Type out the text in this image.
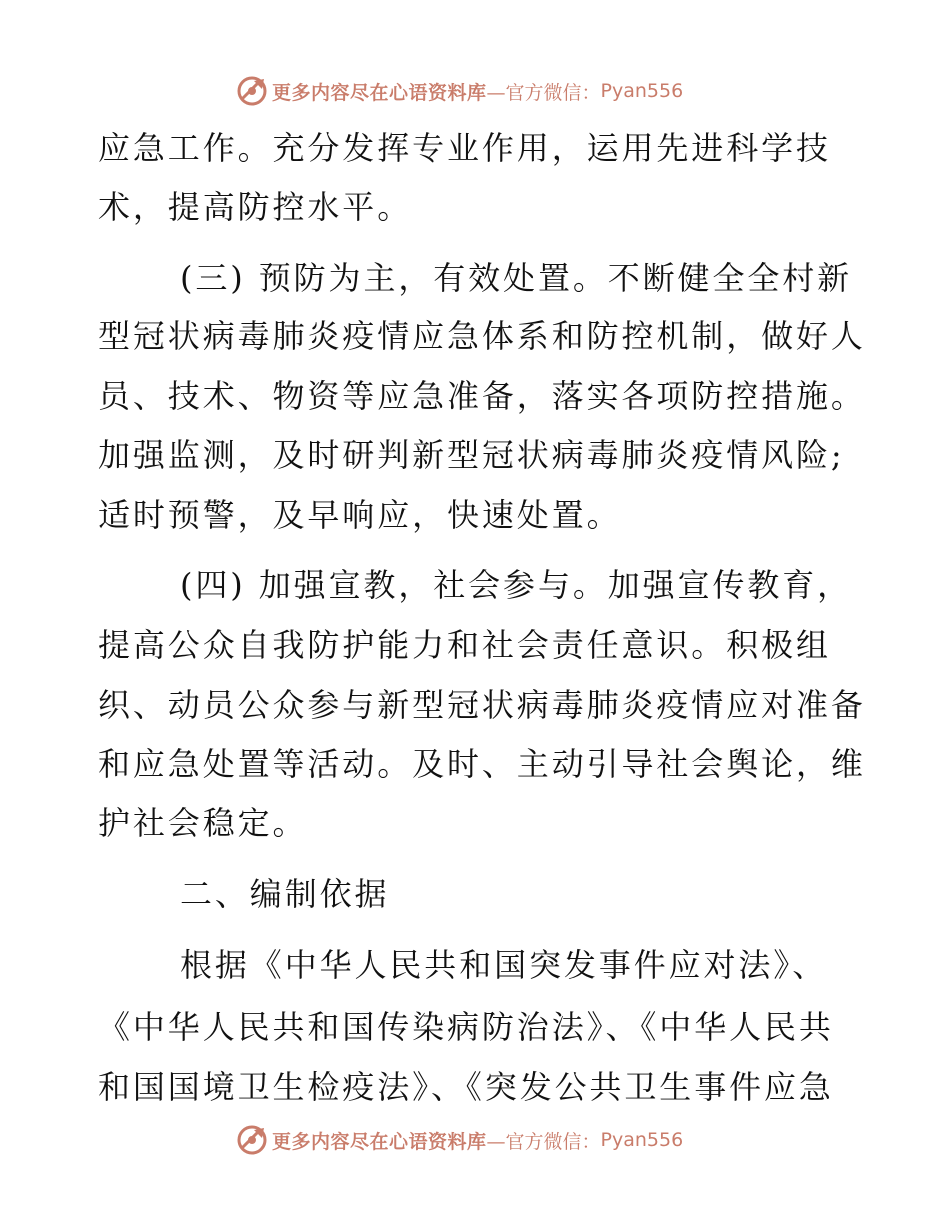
更多内容尽在心语资料库 —官方微信： Pyan556

应急工作。充分发挥专业作用，运用先进科学技

术，提高防控水平。

(三) 预防为主，有效处置。不断健全全村新

型冠状病毒肺炎疫情应急体系和防控机制，做好人

员、技术、物资等应急准备，落实各项防控措施。

加强监测，及时研判新型冠状病毒肺炎疫情风险;

适时预警，及早响应，快速处置。

(四) 加强宣教，社会参与。加强宣传教育，

提高公众自我防护能力和社会责任意识。积极组

织、动员公众参与新型冠状病毒肺炎疫情应对准备

和应急处置等活动。及时、主动引导社会舆论，维

护社会稳定。

二、编制依据

根据《中华人民共和国突发事件应对法》、

《中华人民共和国传染病防治法》、《中华人民共

和国国境卫生检疫法》、《突发公共卫生事件应急

更多内容尽在心语资料库 —官方微信： Pyan556
